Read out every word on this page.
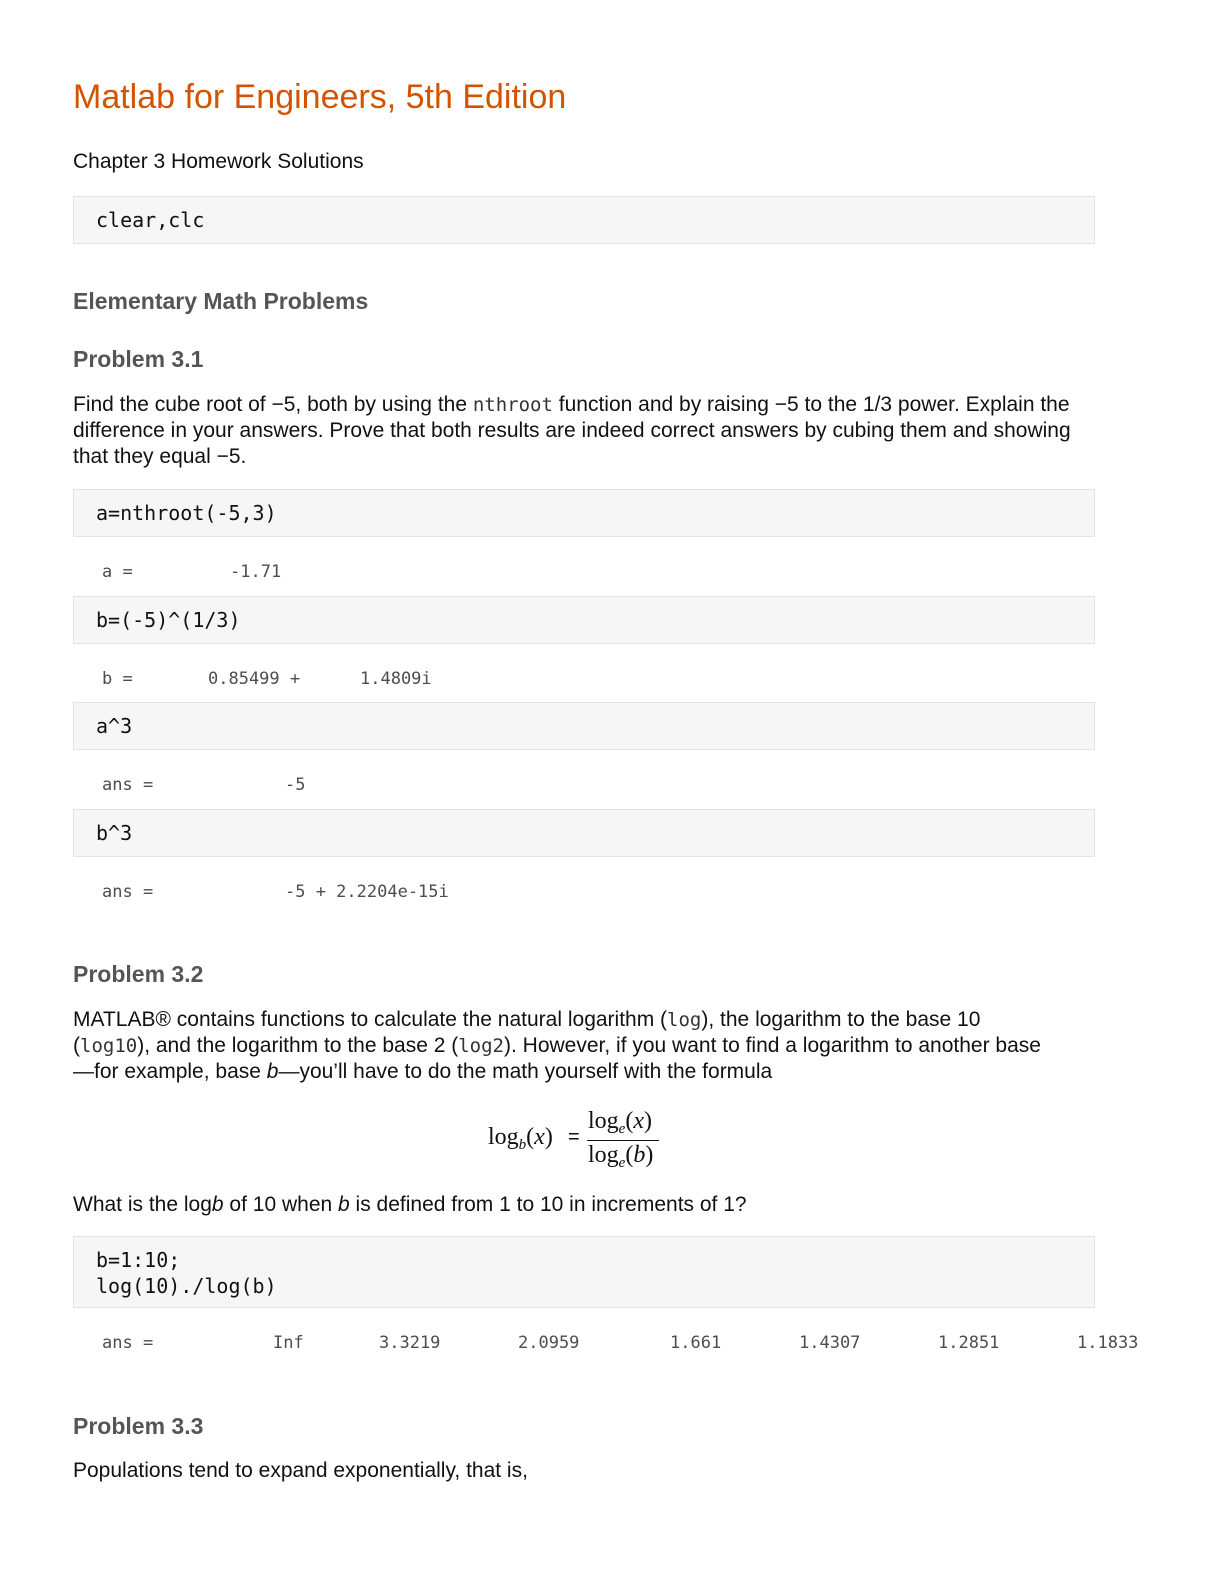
Matlab for Engineers, 5th Edition
Chapter 3 Homework Solutions
clear,clc
Elementary Math Problems
Problem 3.1
Find the cube root of −5, both by using the nthroot function and by raising −5 to the 1/3 power. Explain the difference in your answers. Prove that both results are indeed correct answers by cubing them and showing that they equal −5.
a=nthroot(-5,3)

a =

	-1.71

b=(-5)^(1/3)

b =

	0.85499 +

	1.4809i

a^3

ans =

	-5

b^3

ans =

	-5 + 2.2204e-15i

Problem 3.2
MATLAB® contains functions to calculate the natural logarithm (log), the logarithm to the base 10 (log10), and the logarithm to the base 2 (log2). However, if you want to find a logarithm to another base—for example, base b—you’ll have to do the math yourself with the formula
$\log_b(x)$ =
$\log_e(x)$
$\log_e(b)$
What is the logb of 10 when b is defined from 1 to 10 in increments of 1?
b=1:10;
log(10)./log(b)

ans =

	Inf

	3.3219

	2.0959

	1.661

	1.4307

	1.2851

	1.1833

Problem 3.3
Populations tend to expand exponentially, that is,
